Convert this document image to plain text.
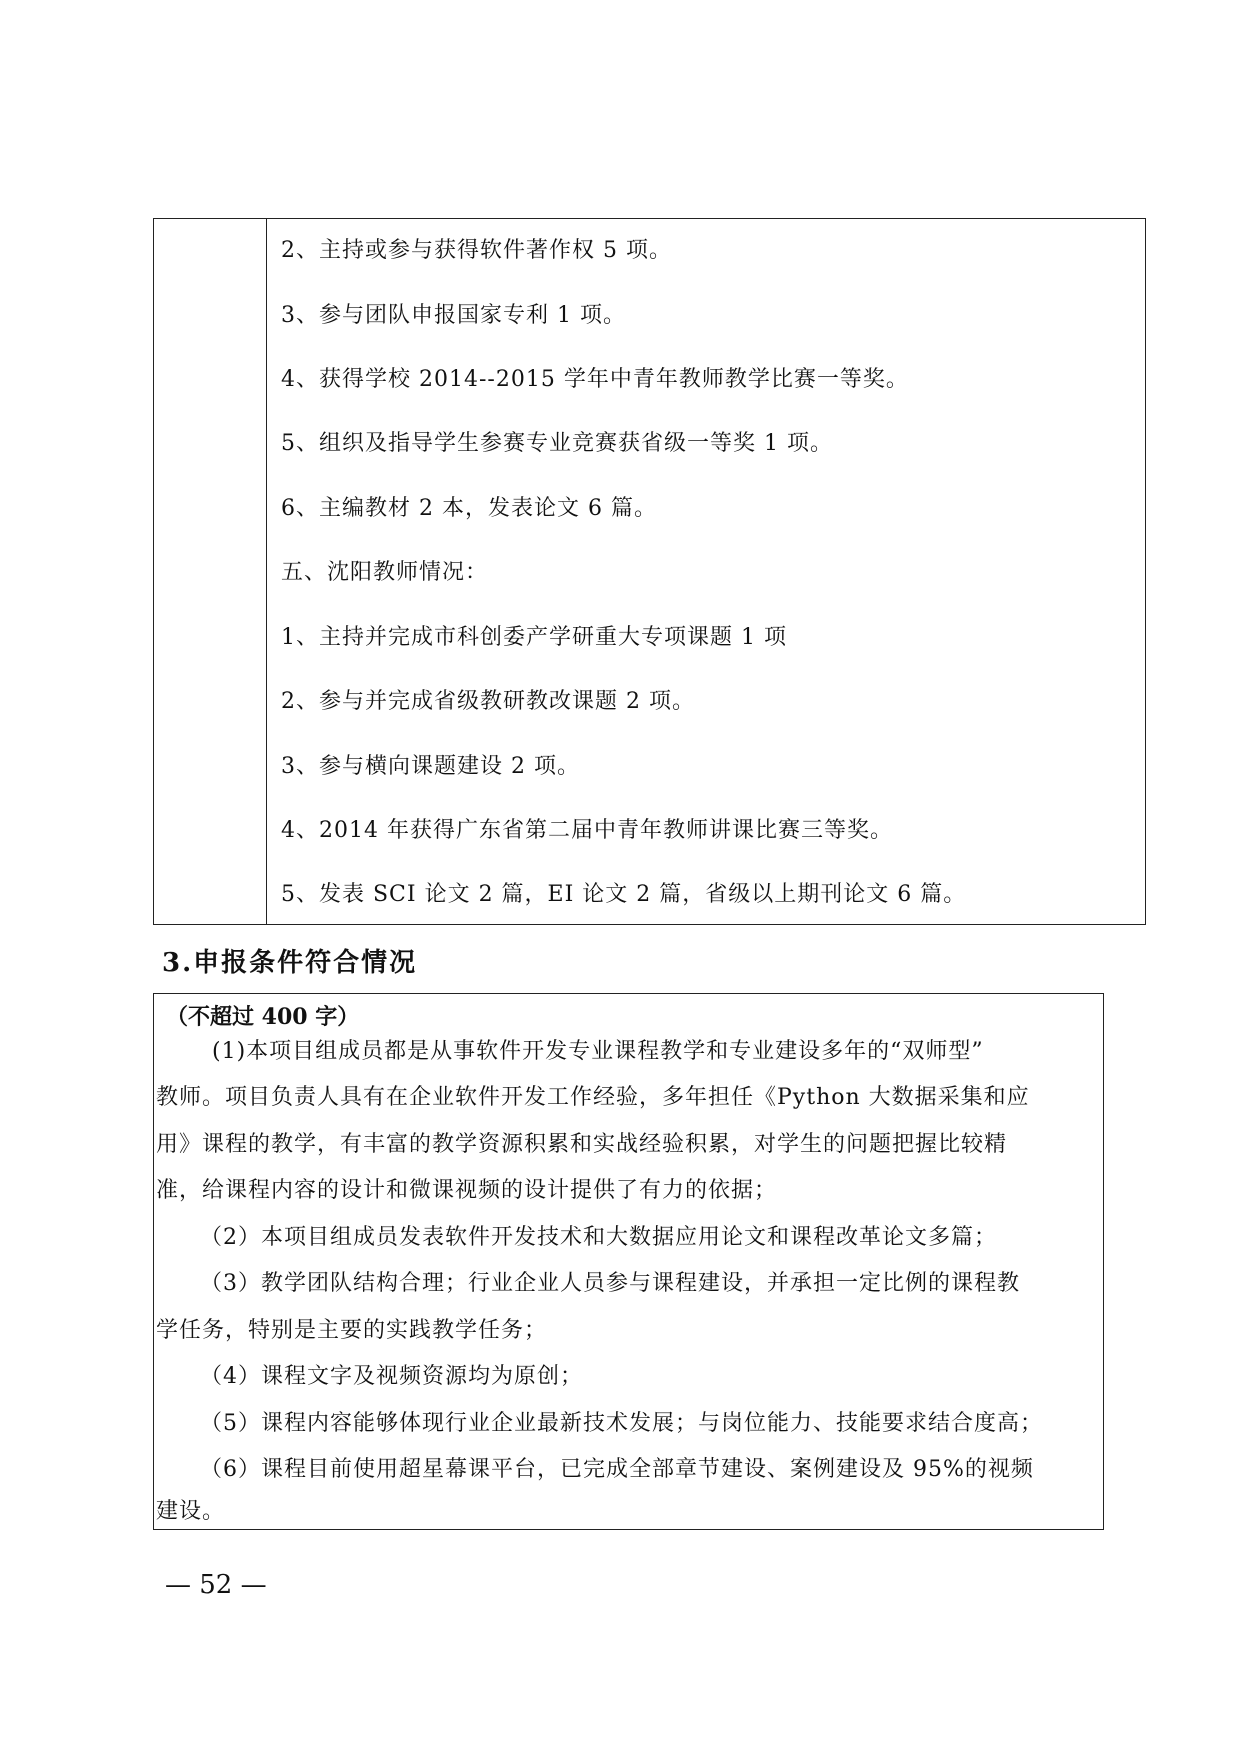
2、主持或参与获得软件著作权 5 项。
3、参与团队申报国家专利 1 项。
4、获得学校 2014--2015 学年中青年教师教学比赛一等奖。
5、组织及指导学生参赛专业竞赛获省级一等奖 1 项。
6、主编教材 2 本，发表论文 6 篇。
五、沈阳教师情况：
1、主持并完成市科创委产学研重大专项课题 1 项
2、参与并完成省级教研教改课题 2 项。
3、参与横向课题建设 2 项。
4、2014 年获得广东省第二届中青年教师讲课比赛三等奖。
5、发表 SCI 论文 2 篇，EI 论文 2 篇，省级以上期刊论文 6 篇。
3.申报条件符合情况
（不超过 400 字）
(1)本项目组成员都是从事软件开发专业课程教学和专业建设多年的“双师型”
教师。项目负责人具有在企业软件开发工作经验，多年担任《Python 大数据采集和应
用》课程的教学，有丰富的教学资源积累和实战经验积累，对学生的问题把握比较精
准，给课程内容的设计和微课视频的设计提供了有力的依据；
（2）本项目组成员发表软件开发技术和大数据应用论文和课程改革论文多篇；
（3）教学团队结构合理；行业企业人员参与课程建设，并承担一定比例的课程教
学任务，特别是主要的实践教学任务；
（4）课程文字及视频资源均为原创；
（5）课程内容能够体现行业企业最新技术发展；与岗位能力、技能要求结合度高；
（6）课程目前使用超星幕课平台，已完成全部章节建设、案例建设及 95%的视频
建设。
— 52 —
